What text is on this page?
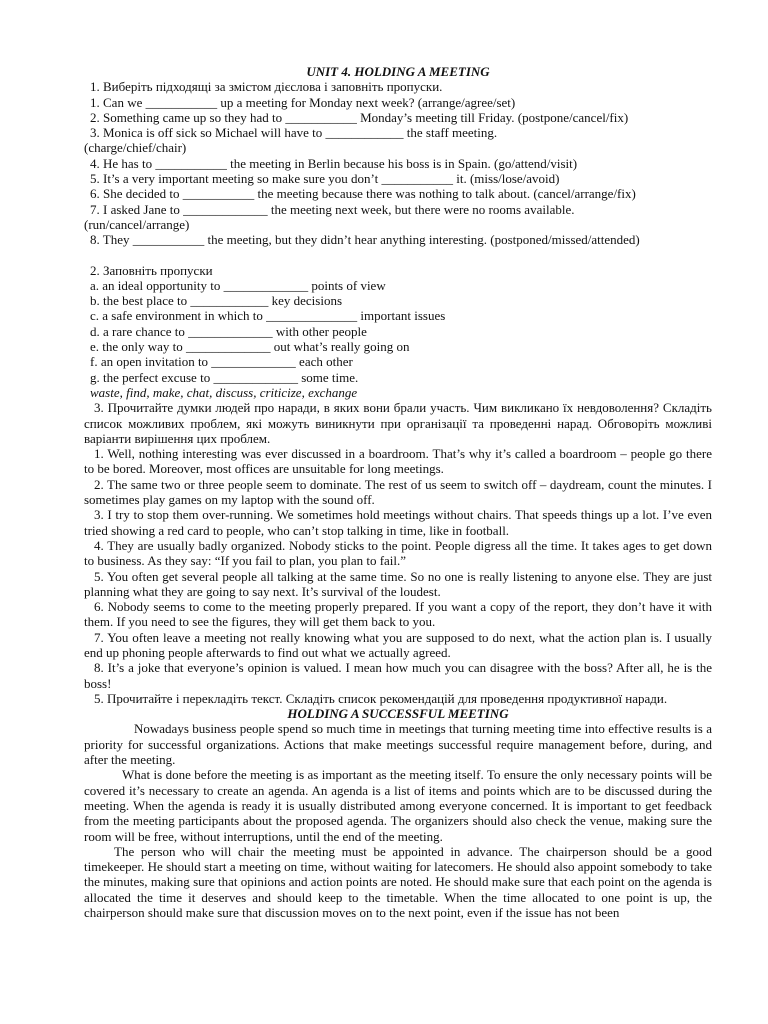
UNIT 4. HOLDING A MEETING
1. Виберіть підходящі за змістом дієслова і заповніть пропуски.
1. Can we ___________ up a meeting for Monday next week? (arrange/agree/set)
2. Something came up so they had to ___________ Monday’s meeting till Friday. (postpone/cancel/fix)
3. Monica is off sick so Michael will have to ____________ the staff meeting.
(charge/chief/chair)
4. He has to ___________ the meeting in Berlin because his boss is in Spain. (go/attend/visit)
5. It’s a very important meeting so make sure you don’t ___________ it. (miss/lose/avoid)
6. She decided to ___________ the meeting because there was nothing to talk about. (cancel/arrange/fix)
7. I asked Jane to _____________ the meeting next week, but there were no rooms available.
(run/cancel/arrange)
8. They ___________ the meeting, but they didn’t hear anything interesting. (postponed/missed/attended)
2. Заповніть пропуски
a. an ideal opportunity to _____________ points of view
b. the best place to ____________ key decisions
c. a safe environment in which to ______________ important issues
d. a rare chance to _____________ with other people
e. the only way to _____________ out what’s really going on
f. an open invitation to _____________ each other
g. the perfect excuse to _____________ some time.
waste, find, make, chat, discuss, criticize, exchange
3. Прочитайте думки людей про наради, в яких вони брали участь. Чим викликано їх невдоволення? Складіть список можливих проблем, які можуть виникнути при організації та проведенні нарад. Обговоріть можливі варіанти вирішення цих проблем.
1. Well, nothing interesting was ever discussed in a boardroom. That’s why it’s called a boardroom – people go there to be bored. Moreover, most offices are unsuitable for long meetings.
2. The same two or three people seem to dominate. The rest of us seem to switch off – daydream, count the minutes. I sometimes play games on my laptop with the sound off.
3. I try to stop them over-running. We sometimes hold meetings without chairs. That speeds things up a lot. I’ve even tried showing a red card to people, who can’t stop talking in time, like in football.
4. They are usually badly organized. Nobody sticks to the point. People digress all the time. It takes ages to get down to business. As they say: “If you fail to plan, you plan to fail.”
5. You often get several people all talking at the same time. So no one is really listening to anyone else. They are just planning what they are going to say next. It’s survival of the loudest.
6. Nobody seems to come to the meeting properly prepared. If you want a copy of the report, they don’t have it with them. If you need to see the figures, they will get them back to you.
7. You often leave a meeting not really knowing what you are supposed to do next, what the action plan is. I usually end up phoning people afterwards to find out what we actually agreed.
8. It’s a joke that everyone’s opinion is valued. I mean how much you can disagree with the boss? After all, he is the boss!
5. Прочитайте і перекладіть текст. Складіть список рекомендацій для проведення продуктивної наради.
HOLDING A SUCCESSFUL MEETING
Nowadays business people spend so much time in meetings that turning meeting time into effective results is a priority for successful organizations. Actions that make meetings successful require management before, during, and after the meeting.
What is done before the meeting is as important as the meeting itself. To ensure the only necessary points will be covered it’s necessary to create an agenda. An agenda is a list of items and points which are to be discussed during the meeting. When the agenda is ready it is usually distributed among everyone concerned. It is important to get feedback from the meeting participants about the proposed agenda. The organizers should also check the venue, making sure the room will be free, without interruptions, until the end of the meeting.
The person who will chair the meeting must be appointed in advance. The chairperson should be a good timekeeper. He should start a meeting on time, without waiting for latecomers. He should also appoint somebody to take the minutes, making sure that opinions and action points are noted. He should make sure that each point on the agenda is allocated the time it deserves and should keep to the timetable. When the time allocated to one point is up, the chairperson should make sure that discussion moves on to the next point, even if the issue has not been
